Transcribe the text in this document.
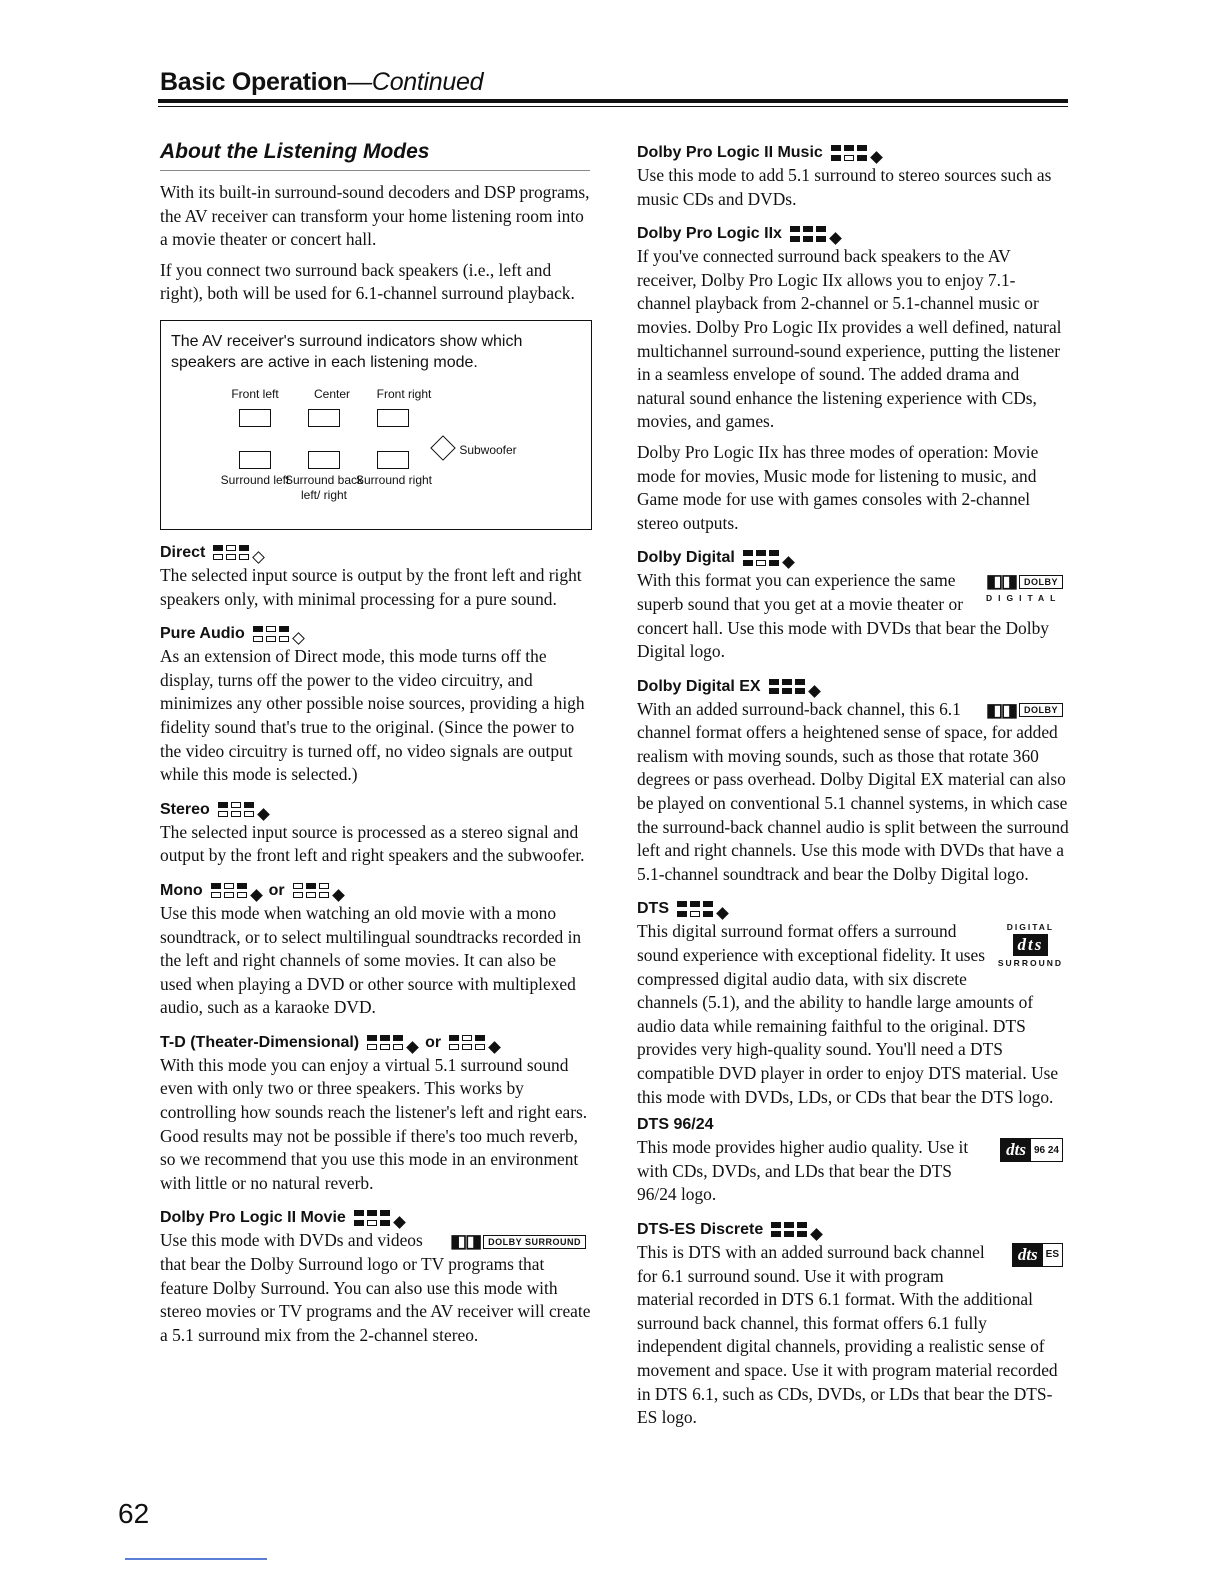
Basic Operation—Continued
About the Listening Modes

With its built-in surround-sound decoders and DSP programs, the AV receiver can transform your home listening room into a movie theater or concert hall.

If you connect two surround back speakers (i.e., left and right), both will be used for 6.1-channel surround playback.

The AV receiver's surround indicators show which speakers are active in each listening mode.
Front left	Center	Front right
Subwoofer
Surround left
Surround back left/ right
Surround right
Direct

The selected input source is output by the front left and right speakers only, with minimal processing for a pure sound.

Pure Audio

As an extension of Direct mode, this mode turns off the display, turns off the power to the video circuitry, and minimizes any other possible noise sources, providing a high fidelity sound that's true to the original. (Since the power to the video circuitry is turned off, no video signals are output while this mode is selected.)

Stereo

The selected input source is processed as a stereo signal and output by the front left and right speakers and the subwoofer.

Mono	or

Use this mode when watching an old movie with a mono soundtrack, or to select multilingual soundtracks recorded in the left and right channels of some movies. It can also be used when playing a DVD or other source with multiplexed audio, such as a karaoke DVD.

T-D (Theater-Dimensional)	or

With this mode you can enjoy a virtual 5.1 surround sound even with only two or three speakers. This works by controlling how sounds reach the listener's left and right ears. Good results may not be possible if there's too much reverb, so we recommend that you use this mode in an environment with little or no natural reverb.

Dolby Pro Logic II Movie
◧◨ DOLBY SURROUND

Use this mode with DVDs and videos that bear the Dolby Surround logo or TV programs that feature Dolby Surround. You can also use this mode with stereo movies or TV programs and the AV receiver will create a 5.1 surround mix from the 2-channel stereo.

Dolby Pro Logic II Music

Use this mode to add 5.1 surround to stereo sources such as music CDs and DVDs.

Dolby Pro Logic IIx

If you've connected surround back speakers to the AV receiver, Dolby Pro Logic IIx allows you to enjoy 7.1-channel playback from 2-channel or 5.1-channel music or movies. Dolby Pro Logic IIx provides a well defined, natural multichannel surround-sound experience, putting the listener in a seamless envelope of sound. The added drama and natural sound enhance the listening experience with CDs, movies, and games.

Dolby Pro Logic IIx has three modes of operation: Movie mode for movies, Music mode for listening to music, and Game mode for use with games consoles with 2-channel stereo outputs.

Dolby Digital
◧◨ DOLBY
DIGITAL

With this format you can experience the same superb sound that you get at a movie theater or concert hall. Use this mode with DVDs that bear the Dolby Digital logo.

Dolby Digital EX
◧◨ DOLBY

With an added surround-back channel, this 6.1 channel format offers a heightened sense of space, for added realism with moving sounds, such as those that rotate 360 degrees or pass overhead. Dolby Digital EX material can also be played on conventional 5.1 channel systems, in which case the surround-back channel audio is split between the surround left and right channels. Use this mode with DVDs that have a 5.1-channel soundtrack and bear the Dolby Digital logo.

DTS
DIGITAL
dts
SURROUND

This digital surround format offers a surround sound experience with exceptional fidelity. It uses compressed digital audio data, with six discrete channels (5.1), and the ability to handle large amounts of audio data while remaining faithful to the original. DTS provides very high-quality sound. You'll need a DTS compatible DVD player in order to enjoy DTS material. Use this mode with DVDs, LDs, or CDs that bear the DTS logo.

DTS 96/24
dts 96 24

This mode provides higher audio quality. Use it with CDs, DVDs, and LDs that bear the DTS 96/24 logo.

DTS-ES Discrete
dts ES

This is DTS with an added surround back channel for 6.1 surround sound. Use it with program material recorded in DTS 6.1 format. With the additional surround back channel, this format offers 6.1 fully independent digital channels, providing a realistic sense of movement and space. Use it with program material recorded in DTS 6.1, such as CDs, DVDs, or LDs that bear the DTS-ES logo.

62
